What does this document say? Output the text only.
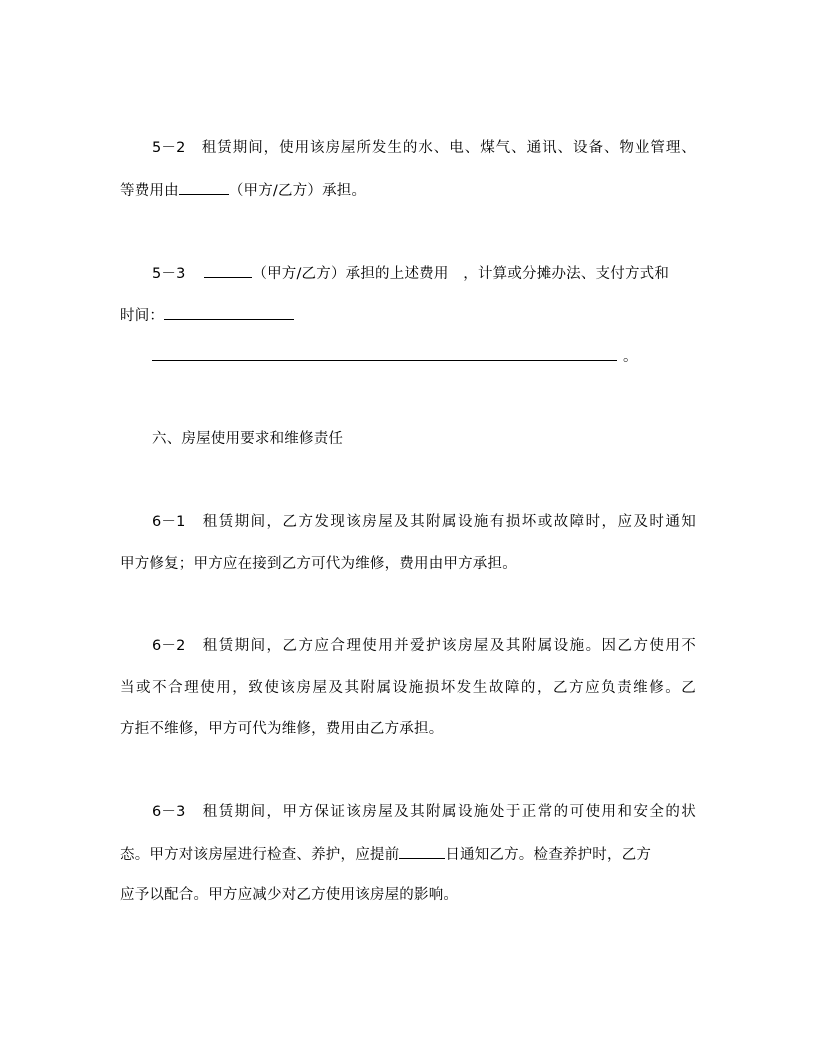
5－2　租赁期间，使用该房屋所发生的水、电、煤气、通讯、设备、物业管理、
等费用由	（甲方/乙方）承担。
5－3	（甲方/乙方）承担的上述费用　，计算或分摊办法、支付方式和
时间：
。
六、房屋使用要求和维修责任
6－1　租赁期间，乙方发现该房屋及其附属设施有损坏或故障时，应及时通知
甲方修复；甲方应在接到乙方可代为维修，费用由甲方承担。
6－2　租赁期间，乙方应合理使用并爱护该房屋及其附属设施。因乙方使用不
当或不合理使用，致使该房屋及其附属设施损坏发生故障的，乙方应负责维修。乙
方拒不维修，甲方可代为维修，费用由乙方承担。
6－3　租赁期间，甲方保证该房屋及其附属设施处于正常的可使用和安全的状
态。甲方对该房屋进行检查、养护，应提前	日通知乙方。检查养护时，乙方
应予以配合。甲方应减少对乙方使用该房屋的影响。
